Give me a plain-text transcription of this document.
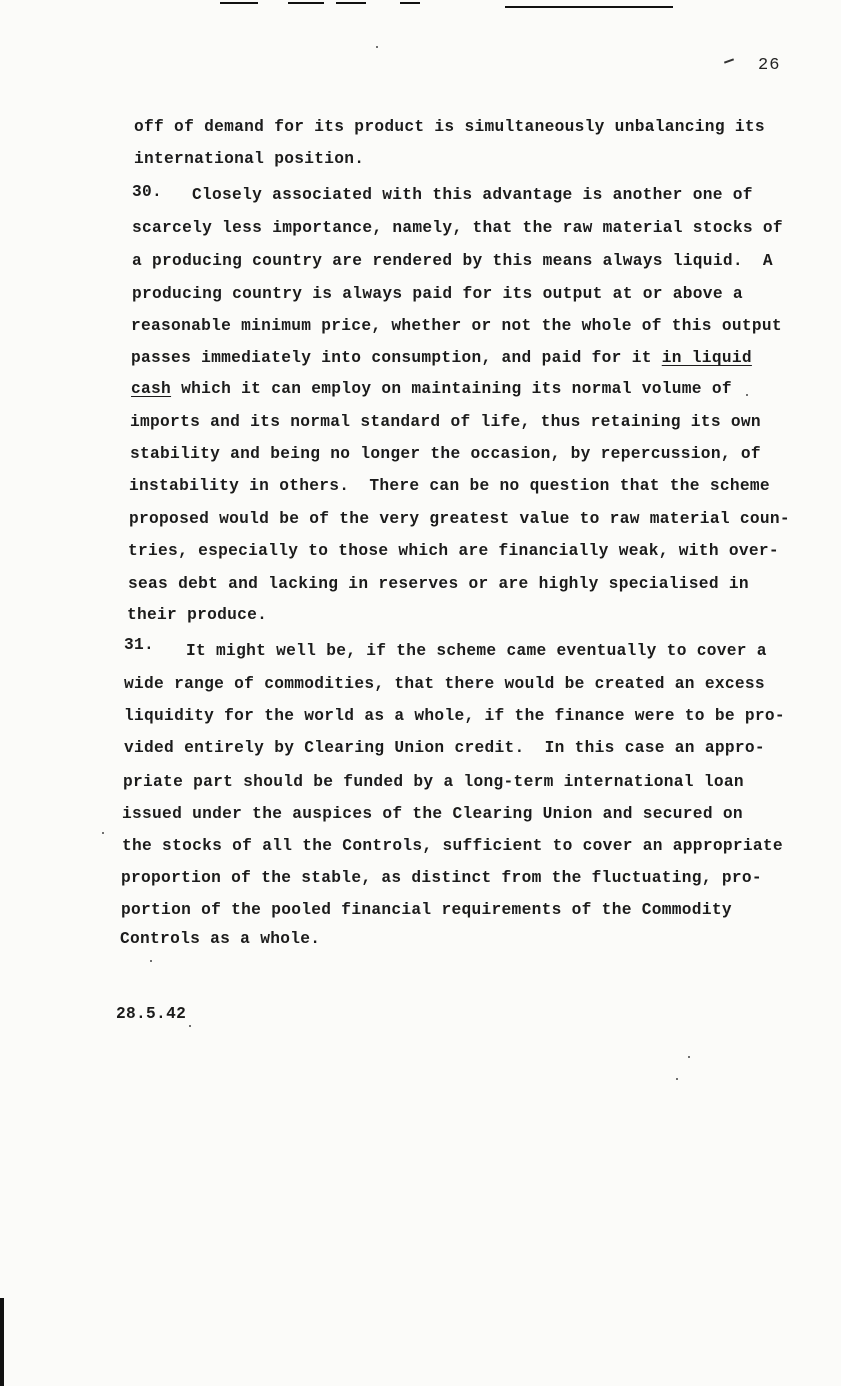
26
off of demand for its product is simultaneously unbalancing its
international position.
30. Closely associated with this advantage is another one of
scarcely less importance, namely, that the raw material stocks of
a producing country are rendered by this means always liquid.  A
producing country is always paid for its output at or above a
reasonable minimum price, whether or not the whole of this output
passes immediately into consumption, and paid for it in liquid
cash which it can employ on maintaining its normal volume of
imports and its normal standard of life, thus retaining its own
stability and being no longer the occasion, by repercussion, of
instability in others.  There can be no question that the scheme
proposed would be of the very greatest value to raw material coun-
tries, especially to those which are financially weak, with over-
seas debt and lacking in reserves or are highly specialised in
their produce.
31. It might well be, if the scheme came eventually to cover a
wide range of commodities, that there would be created an excess
liquidity for the world as a whole, if the finance were to be pro-
vided entirely by Clearing Union credit.  In this case an appro-
priate part should be funded by a long-term international loan
issued under the auspices of the Clearing Union and secured on
the stocks of all the Controls, sufficient to cover an appropriate
proportion of the stable, as distinct from the fluctuating, pro-
portion of the pooled financial requirements of the Commodity
Controls as a whole.
28.5.42
